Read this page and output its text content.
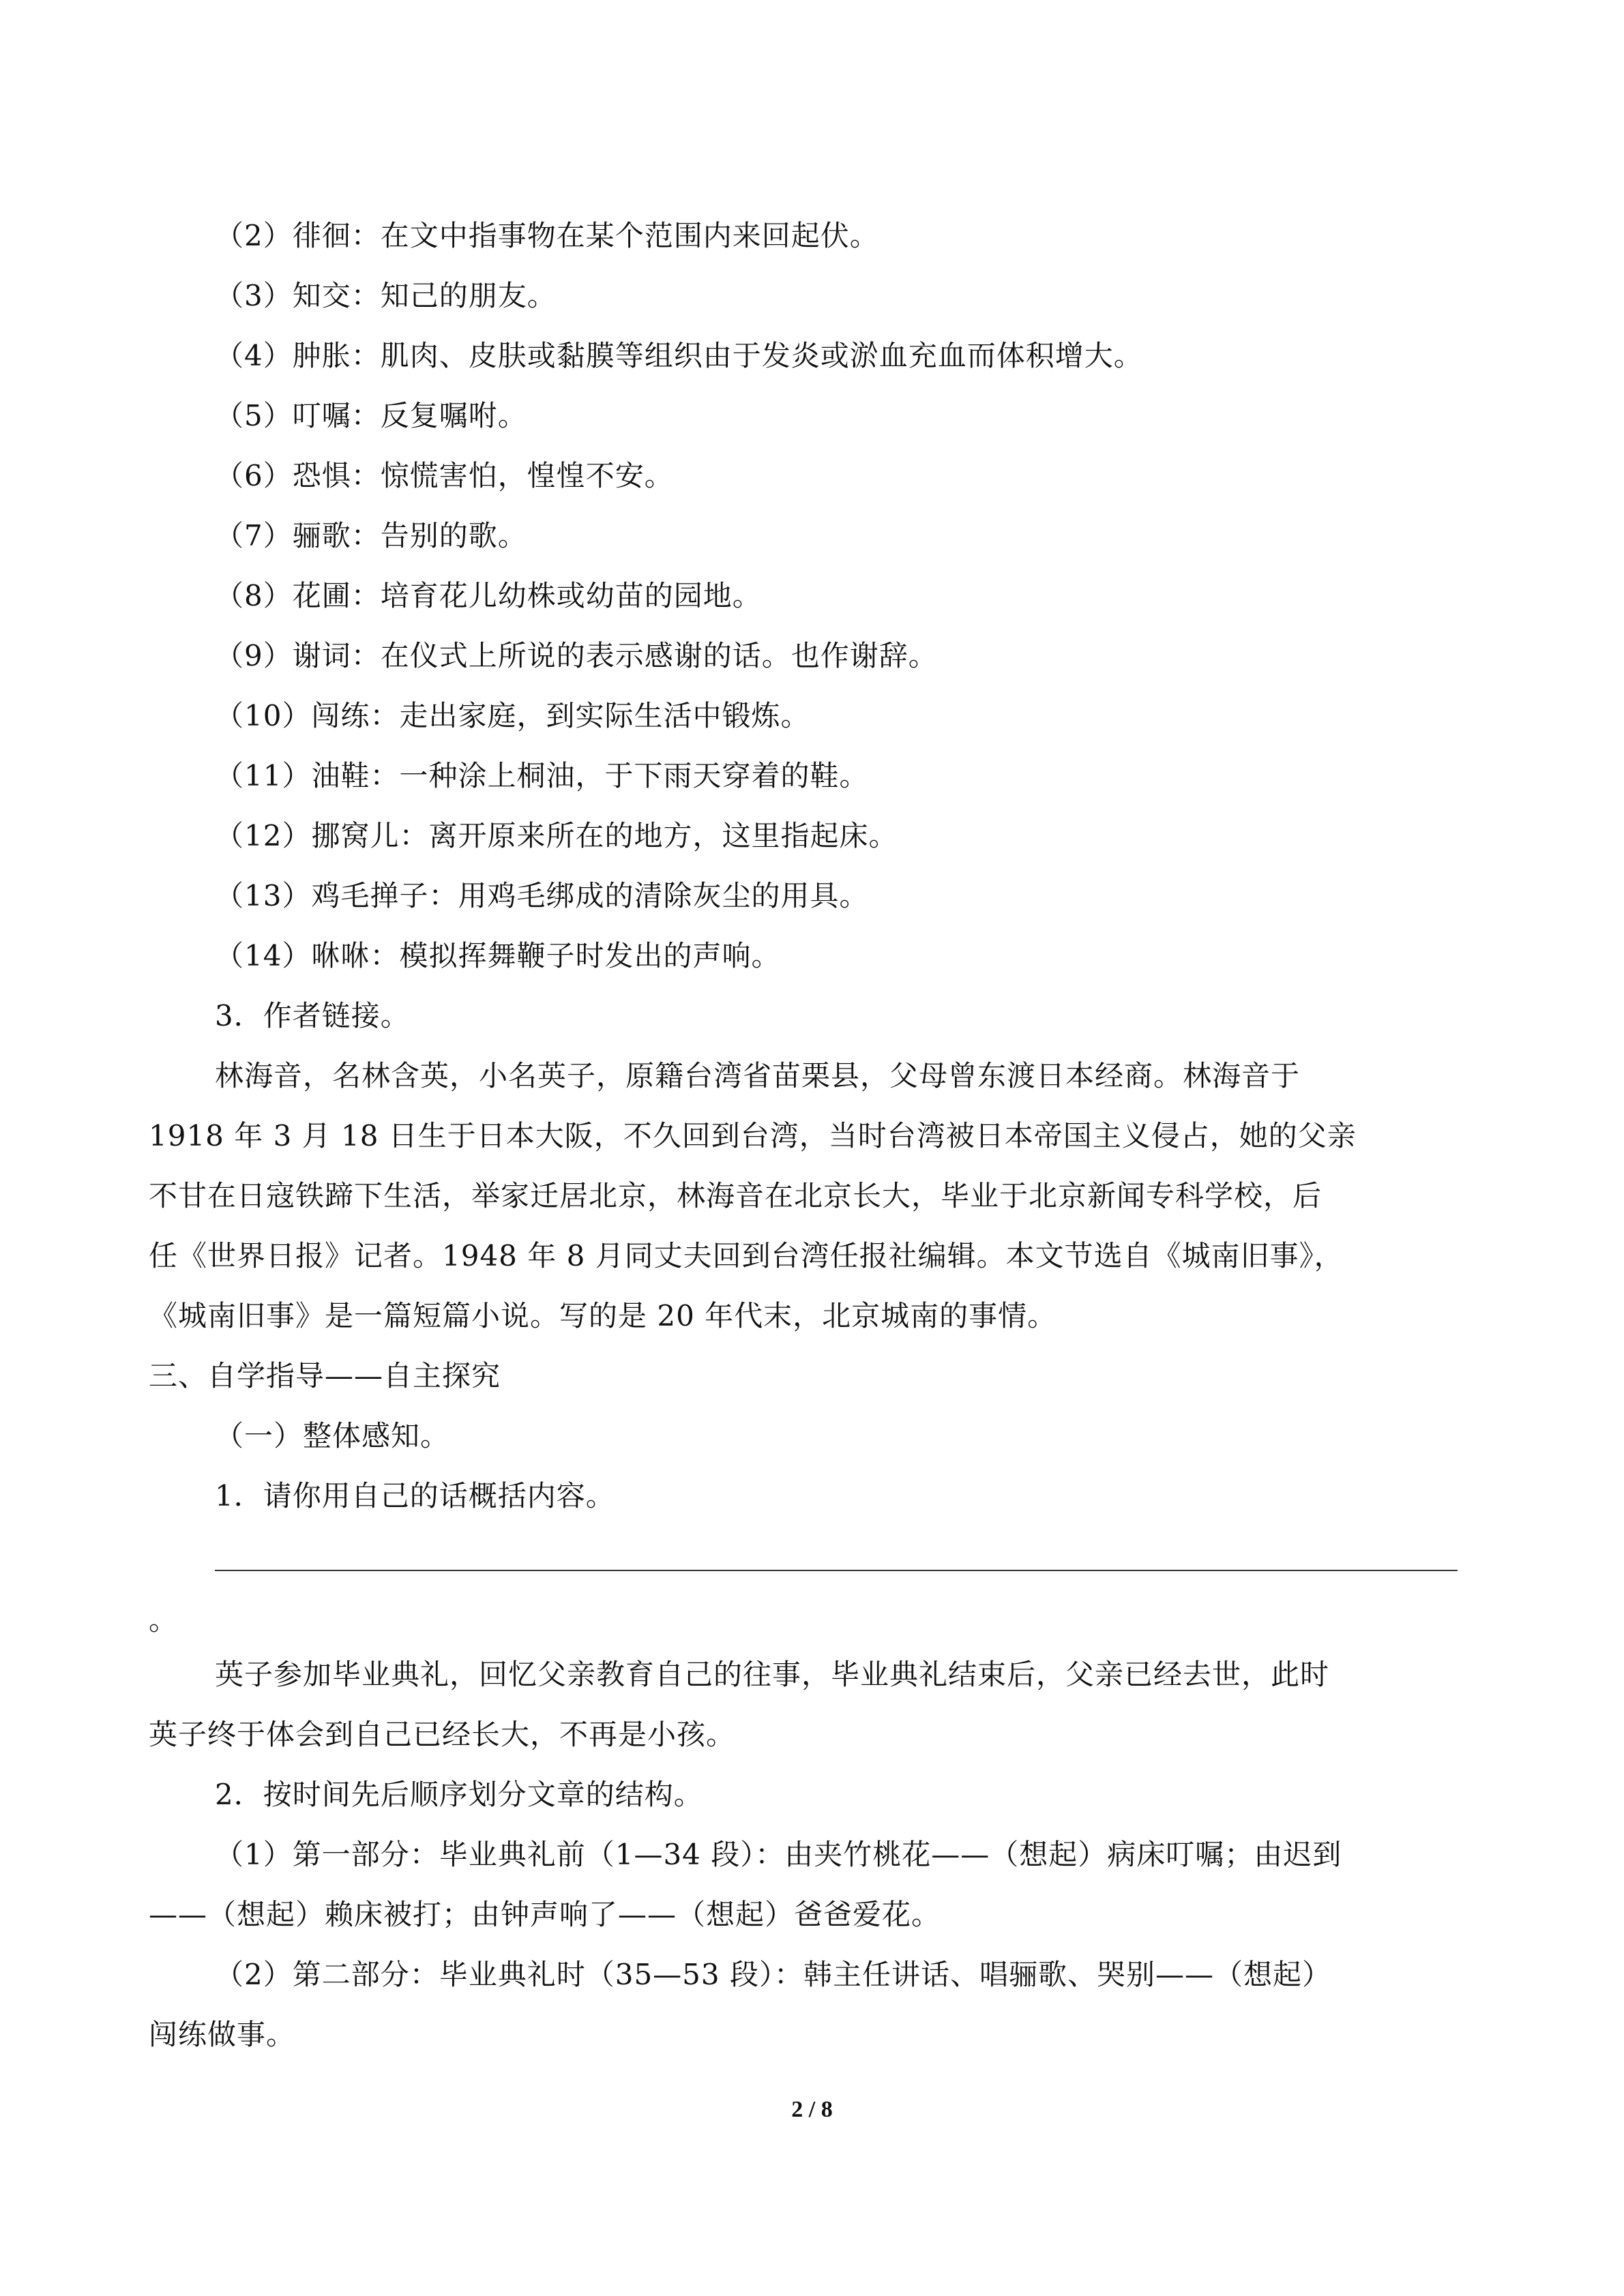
（2）徘徊：在文中指事物在某个范围内来回起伏。
（3）知交：知己的朋友。
（4）肿胀：肌肉、皮肤或黏膜等组织由于发炎或淤血充血而体积增大。
（5）叮嘱：反复嘱咐。
（6）恐惧：惊慌害怕，惶惶不安。
（7）骊歌：告别的歌。
（8）花圃：培育花儿幼株或幼苗的园地。
（9）谢词：在仪式上所说的表示感谢的话。也作谢辞。
（10）闯练：走出家庭，到实际生活中锻炼。
（11）油鞋：一种涂上桐油，于下雨天穿着的鞋。
（12）挪窝儿：离开原来所在的地方，这里指起床。
（13）鸡毛掸子：用鸡毛绑成的清除灰尘的用具。
（14）咻咻：模拟挥舞鞭子时发出的声响。
3．作者链接。
林海音，名林含英，小名英子，原籍台湾省苗栗县，父母曾东渡日本经商。林海音于
1918 年 3 月 18 日生于日本大阪，不久回到台湾，当时台湾被日本帝国主义侵占，她的父亲
不甘在日寇铁蹄下生活，举家迁居北京，林海音在北京长大，毕业于北京新闻专科学校，后
任《世界日报》记者。1948 年 8 月同丈夫回到台湾任报社编辑。本文节选自《城南旧事》，
《城南旧事》是一篇短篇小说。写的是 20 年代末，北京城南的事情。
三、自学指导——自主探究
（一）整体感知。
1．请你用自己的话概括内容。
。
英子参加毕业典礼，回忆父亲教育自己的往事，毕业典礼结束后，父亲已经去世，此时
英子终于体会到自己已经长大，不再是小孩。
2．按时间先后顺序划分文章的结构。
（1）第一部分：毕业典礼前（1—34 段）：由夹竹桃花——（想起）病床叮嘱；由迟到
——（想起）赖床被打；由钟声响了——（想起）爸爸爱花。
（2）第二部分：毕业典礼时（35—53 段）：韩主任讲话、唱骊歌、哭别——（想起）
闯练做事。
2 / 8
